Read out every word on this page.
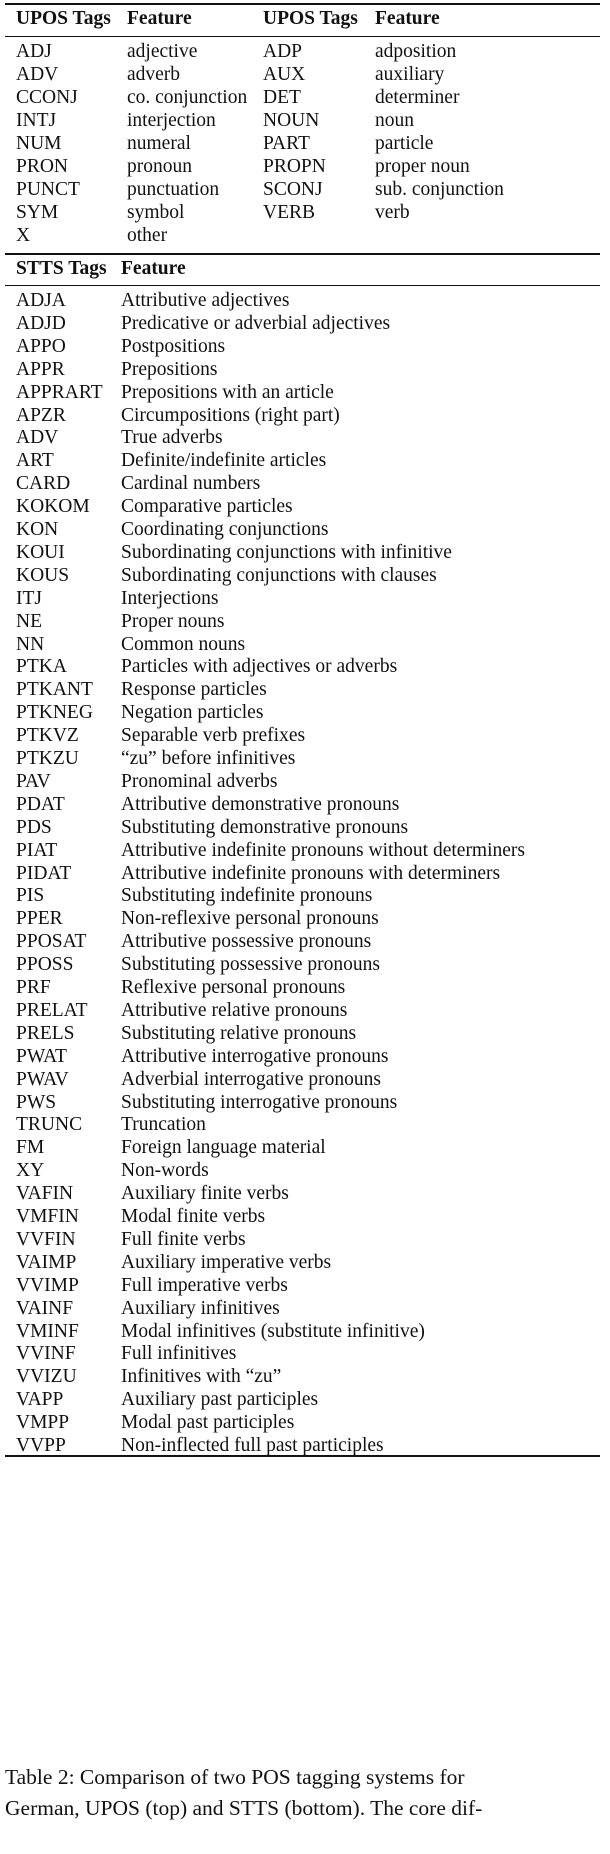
UPOS Tags Feature	UPOS Tags Feature
ADJ	adjective	ADP	adposition
ADV	adverb	AUX	auxiliary
CCONJ	co. conjunction DET	determiner
INTJ	interjection NOUN	noun
NUM	numeral	PART	particle
PRON	pronoun	PROPN	proper noun
PUNCT punctuation SCONJ	sub. conjunction
SYM	symbol	VERB	verb
X	other
STTS Tags Feature
ADJA	Attributive adjectives
ADJD	Predicative or adverbial adjectives
APPO	Postpositions
APPR	Prepositions
APPRART Prepositions with an article
APZR	Circumpositions (right part)
ADV	True adverbs
ART	Definite/indefinite articles
CARD	Cardinal numbers
KOKOM Comparative particles
KON	Coordinating conjunctions
KOUI	Subordinating conjunctions with infinitive
KOUS	Subordinating conjunctions with clauses
ITJ	Interjections
NE	Proper nouns
NN	Common nouns
PTKA	Particles with adjectives or adverbs
PTKANT Response particles
PTKNEG Negation particles
PTKVZ Separable verb prefixes
PTKZU “zu” before infinitives
PAV	Pronominal adverbs
PDAT	Attributive demonstrative pronouns
PDS	Substituting demonstrative pronouns
PIAT	Attributive indefinite pronouns without determiners
PIDAT	Attributive indefinite pronouns with determiners
PIS	Substituting indefinite pronouns
PPER	Non-reflexive personal pronouns
PPOSAT Attributive possessive pronouns
PPOSS Substituting possessive pronouns
PRF	Reflexive personal pronouns
PRELAT Attributive relative pronouns
PRELS Substituting relative pronouns
PWAT	Attributive interrogative pronouns
PWAV	Adverbial interrogative pronouns
PWS	Substituting interrogative pronouns
TRUNC Truncation
FM	Foreign language material
XY	Non-words
VAFIN Auxiliary finite verbs
VMFIN Modal finite verbs
VVFIN Full finite verbs
VAIMP Auxiliary imperative verbs
VVIMP Full imperative verbs
VAINF Auxiliary infinitives
VMINF Modal infinitives (substitute infinitive)
VVINF Full infinitives
VVIZU Infinitives with “zu”
VAPP	Auxiliary past participles
VMPP	Modal past participles
VVPP	Non-inflected full past participles

Table 2: Comparison of two POS tagging systems for

German, UPOS (top) and STTS (bottom). The core dif-
